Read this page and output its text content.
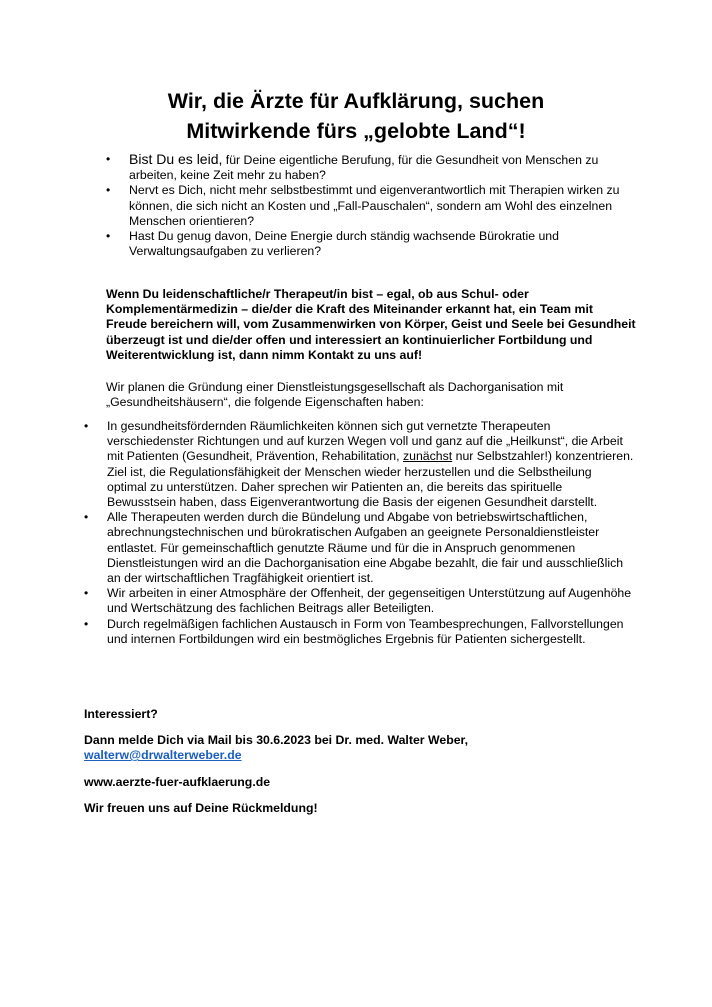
Wir, die Ärzte für Aufklärung, suchen
Mitwirkende fürs „gelobte Land“!
• Bist Du es leid, für Deine eigentliche Berufung, für die Gesundheit von Menschen zu arbeiten, keine Zeit mehr zu haben?
• Nervt es Dich, nicht mehr selbstbestimmt und eigenverantwortlich mit Therapien wirken zu können, die sich nicht an Kosten und „Fall-Pauschalen“, sondern am Wohl des einzelnen Menschen orientieren?
• Hast Du genug davon, Deine Energie durch ständig wachsende Bürokratie und Verwaltungsaufgaben zu verlieren?
Wenn Du leidenschaftliche/r Therapeut/in bist – egal, ob aus Schul- oder Komplementärmedizin – die/der die Kraft des Miteinander erkannt hat, ein Team mit Freude bereichern will, vom Zusammenwirken von Körper, Geist und Seele bei Gesundheit überzeugt ist und die/der offen und interessiert an kontinuierlicher Fortbildung und Weiterentwicklung ist, dann nimm Kontakt zu uns auf!
Wir planen die Gründung einer Dienstleistungsgesellschaft als Dachorganisation mit „Gesundheitshäusern“, die folgende Eigenschaften haben:
• In gesundheitsfördernden Räumlichkeiten können sich gut vernetzte Therapeuten verschiedenster Richtungen und auf kurzen Wegen voll und ganz auf die „Heilkunst“, die Arbeit mit Patienten (Gesundheit, Prävention, Rehabilitation, zunächst nur Selbstzahler!) konzentrieren. Ziel ist, die Regulationsfähigkeit der Menschen wieder herzustellen und die Selbstheilung optimal zu unterstützen. Daher sprechen wir Patienten an, die bereits das spirituelle Bewusstsein haben, dass Eigenverantwortung die Basis der eigenen Gesundheit darstellt.
• Alle Therapeuten werden durch die Bündelung und Abgabe von betriebswirtschaftlichen, abrechnungstechnischen und bürokratischen Aufgaben an geeignete Personaldienstleister entlastet. Für gemeinschaftlich genutzte Räume und für die in Anspruch genommenen Dienstleistungen wird an die Dachorganisation eine Abgabe bezahlt, die fair und ausschließlich an der wirtschaftlichen Tragfähigkeit orientiert ist.
• Wir arbeiten in einer Atmosphäre der Offenheit, der gegenseitigen Unterstützung auf Augenhöhe und Wertschätzung des fachlichen Beitrags aller Beteiligten.
• Durch regelmäßigen fachlichen Austausch in Form von Teambesprechungen, Fallvorstellungen und internen Fortbildungen wird ein bestmögliches Ergebnis für Patienten sichergestellt.
Interessiert?
Dann melde Dich via Mail bis 30.6.2023 bei Dr. med. Walter Weber,
walterw@drwalterweber.de
www.aerzte-fuer-aufklaerung.de
Wir freuen uns auf Deine Rückmeldung!
